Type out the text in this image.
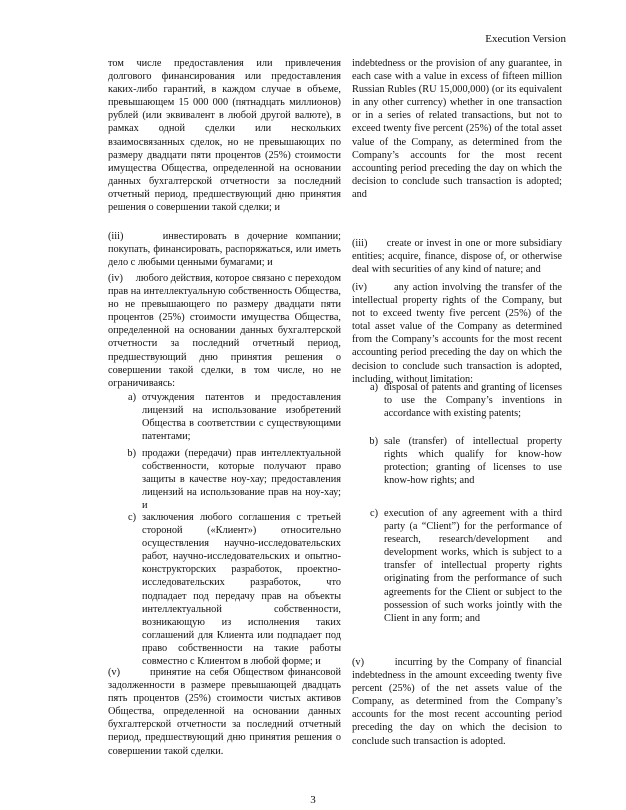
Execution Version

том числе предоставления или привлечения долгового финансирования или предоставления каких-либо гарантий, в каждом случае в объеме, превышающем 15 000 000 (пятнадцать миллионов) рублей (или эквивалент в любой другой валюте), в рамках одной сделки или нескольких взаимосвязанных сделок, но не превышающих по размеру двадцати пяти процентов (25%) стоимости имущества Общества, определенной на основании данных бухгалтерской отчетности за последний отчетный период, предшествующий дню принятия решения о совершении такой сделки; и

(iii)     инвестировать в дочерние компании; покупать, финансировать, распоряжаться, или иметь дело с любыми ценными бумагами; и

(iv)     любого действия, которое связано с переходом прав на интеллектуальную собственность Общества, но не превышающего по размеру двадцати пяти процентов (25%) стоимости имущества Общества, определенной на основании данных бухгалтерской отчетности за последний отчетный период, предшествующий дню принятия решения о совершении такой сделки, в том числе, но не ограничиваясь:

a) отчуждения патентов и предоставления лицензий на использование изобретений Общества в соответствии с существующими патентами;
b) продажи (передачи) прав интеллектуальной собственности, которые получают право защиты в качестве ноу-хау; предоставления лицензий на использование прав на ноу-хау; и
c) заключения любого соглашения с третьей стороной («Клиент») относительно осуществления научно-исследовательских работ, научно-исследовательских и опытно-конструкторских разработок, проектно-исследовательских разработок, что подпадает под передачу прав на объекты интеллектуальной собственности, возникающую из исполнения таких соглашений для Клиента или подпадает под право собственности на такие работы совместно с Клиентом в любой форме; и

(v)       принятие на себя Обществом финансовой задолженности в размере превышающей двадцать пять процентов (25%) стоимости чистых активов Общества, определенной на основании данных бухгалтерской отчетности за последний отчетный период, предшествующий дню принятия решения о совершении такой сделки.

indebtedness or the provision of any guarantee, in each case with a value in excess of fifteen million Russian Rubles (RU 15,000,000) (or its equivalent in any other currency) whether in one transaction or in a series of related transactions, but not to exceed twenty five percent (25%) of the total asset value of the Company, as determined from the Company’s accounts for the most recent accounting period preceding the day on which the decision to conclude such transaction is adopted; and

(iii)      create or invest in one or more subsidiary entities; acquire, finance, dispose of, or otherwise deal with securities of any kind of nature; and

(iv)       any action involving the transfer of the intellectual property rights of the Company, but not to exceed twenty five percent (25%) of the total asset value of the Company as determined from the Company’s accounts for the most recent accounting period preceding the day on which the decision to conclude such transaction is adopted, including, without limitation:

a) disposal of patents and granting of licenses to use the Company’s inventions in accordance with existing patents;
b) sale (transfer) of intellectual property rights which qualify for know-how protection; granting of licenses to use know-how rights; and
c) execution of any agreement with a third party (a “Client”) for the performance of research, research/development and development works, which is subject to a transfer of intellectual property rights originating from the performance of such agreements for the Client or subject to the possession of such works jointly with the Client in any form; and

(v)       incurring by the Company of financial indebtedness in the amount exceeding twenty five percent (25%) of the net assets value of the Company, as determined from the Company’s accounts for the most recent accounting period preceding the day on which the decision to conclude such transaction is adopted.

3
